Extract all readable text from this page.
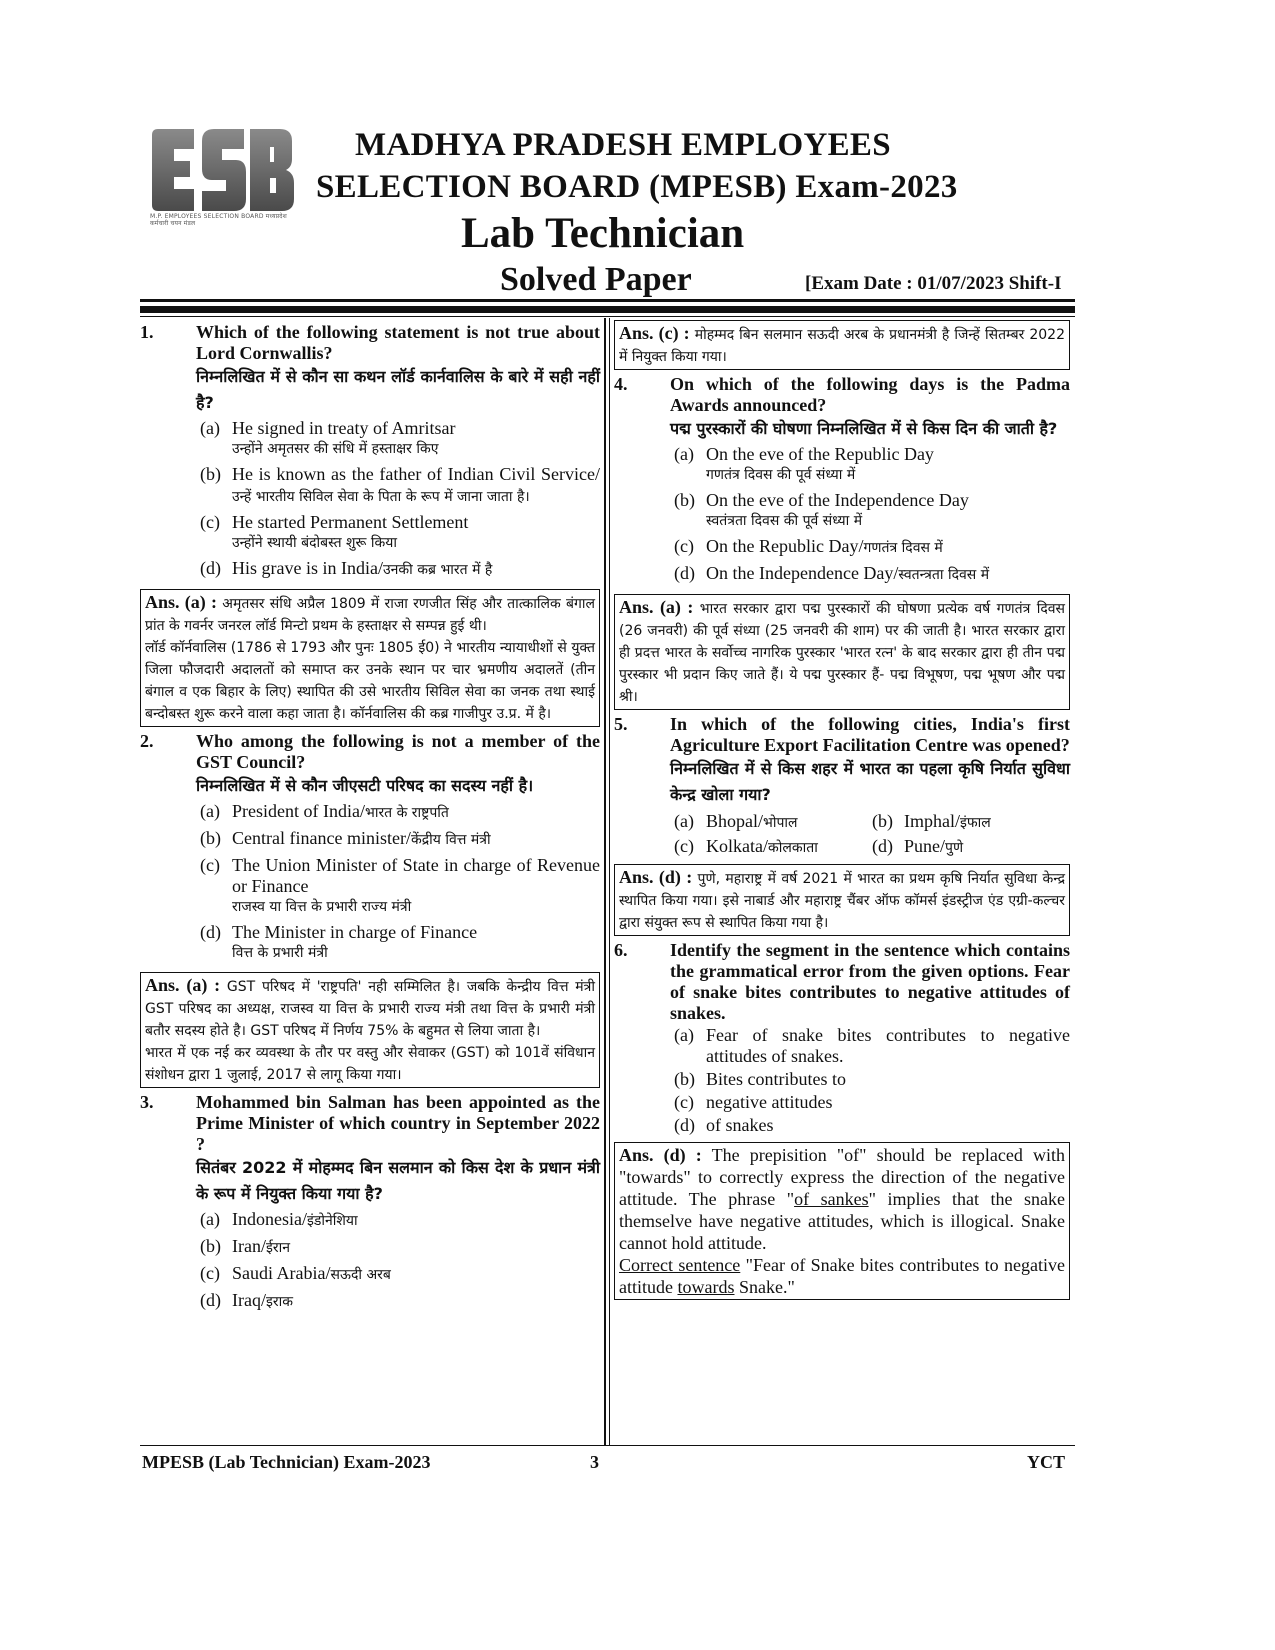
M.P. EMPLOYEES SELECTION BOARD मध्यप्रदेश कर्मचारी चयन मंडल
MADHYA PRADESH EMPLOYEES
SELECTION BOARD (MPESB) Exam-2023
Lab Technician
Solved Paper	[Exam Date : 01/07/2023 Shift-I
1.	Which of the following statement is not true about Lord Cornwallis?
निम्नलिखित में से कौन सा कथन लॉर्ड कार्नवालिस के बारे में सही नहीं है?
(a) He signed in treaty of Amritsar
उन्होंने अमृतसर की संधि में हस्ताक्षर किए
(b) He is known as the father of Indian Civil Service/उन्हें भारतीय सिविल सेवा के पिता के रूप में जाना जाता है।
(c) He started Permanent Settlement
उन्होंने स्थायी बंदोबस्त शुरू किया
(d) His grave is in India/उनकी कब्र भारत में है

Ans. (a) : अमृतसर संधि अप्रैल 1809 में राजा रणजीत सिंह और तात्कालिक बंगाल प्रांत के गवर्नर जनरल लॉर्ड मिन्टो प्रथम के हस्ताक्षर से सम्पन्न हुई थी।

लॉर्ड कॉर्नवालिस (1786 से 1793 और पुनः 1805 ई0) ने भारतीय न्यायाधीशों से युक्त जिला फौजदारी अदालतों को समाप्त कर उनके स्थान पर चार भ्रमणीय अदालतें (तीन बंगाल व एक बिहार के लिए) स्थापित की उसे भारतीय सिविल सेवा का जनक तथा स्थाई बन्दोबस्त शुरू करने वाला कहा जाता है। कॉर्नवालिस की कब्र गाजीपुर उ.प्र. में है।

2.	Who among the following is not a member of the GST Council?
निम्नलिखित में से कौन जीएसटी परिषद का सदस्य नहीं है।
(a) President of India/भारत के राष्ट्रपति
(b) Central finance minister/केंद्रीय वित्त मंत्री
(c) The Union Minister of State in charge of Revenue or Finance
राजस्व या वित्त के प्रभारी राज्य मंत्री
(d) The Minister in charge of Finance
वित्त के प्रभारी मंत्री

Ans. (a) : GST परिषद में 'राष्ट्रपति' नही सम्मिलित है। जबकि केन्द्रीय वित्त मंत्री GST परिषद का अध्यक्ष, राजस्व या वित्त के प्रभारी राज्य मंत्री तथा वित्त के प्रभारी मंत्री बतौर सदस्य होते है। GST परिषद में निर्णय 75% के बहुमत से लिया जाता है।

भारत में एक नई कर व्यवस्था के तौर पर वस्तु और सेवाकर (GST) को 101वें संविधान संशोधन द्वारा 1 जुलाई, 2017 से लागू किया गया।

3.	Mohammed bin Salman has been appointed as the Prime Minister of which country in September 2022 ?
सितंबर 2022 में मोहम्मद बिन सलमान को किस देश के प्रधान मंत्री के रूप में नियुक्त किया गया है?
(a) Indonesia/इंडोनेशिया
(b) Iran/ईरान
(c) Saudi Arabia/सऊदी अरब
(d) Iraq/इराक

Ans. (c) : मोहम्मद बिन सलमान सऊदी अरब के प्रधानमंत्री है जिन्हें सितम्बर 2022 में नियुक्त किया गया।

4.	On which of the following days is the Padma Awards announced?
पद्म पुरस्कारों की घोषणा निम्नलिखित में से किस दिन की जाती है?
(a) On the eve of the Republic Day
गणतंत्र दिवस की पूर्व संध्या में
(b) On the eve of the Independence Day
स्वतंत्रता दिवस की पूर्व संध्या में
(c) On the Republic Day/गणतंत्र दिवस में
(d) On the Independence Day/स्वतन्त्रता दिवस में

Ans. (a) : भारत सरकार द्वारा पद्म पुरस्कारों की घोषणा प्रत्येक वर्ष गणतंत्र दिवस (26 जनवरी) की पूर्व संध्या (25 जनवरी की शाम) पर की जाती है। भारत सरकार द्वारा ही प्रदत्त भारत के सर्वोच्च नागरिक पुरस्कार 'भारत रत्न' के बाद सरकार द्वारा ही तीन पद्म पुरस्कार भी प्रदान किए जाते हैं। ये पद्म पुरस्कार हैं- पद्म विभूषण, पद्म भूषण और पद्म श्री।

5.	In which of the following cities, India's first Agriculture Export Facilitation Centre was opened?
निम्नलिखित में से किस शहर में भारत का पहला कृषि निर्यात सुविधा केन्द्र खोला गया?
(a) Bhopal/भोपाल	(b) Imphal/इंफाल
(c) Kolkata/कोलकाता	(d) Pune/पुणे

Ans. (d) : पुणे, महाराष्ट्र में वर्ष 2021 में भारत का प्रथम कृषि निर्यात सुविधा केन्द्र स्थापित किया गया। इसे नाबार्ड और महाराष्ट्र चैंबर ऑफ कॉमर्स इंडस्ट्रीज एंड एग्री-कल्चर द्वारा संयुक्त रूप से स्थापित किया गया है।

6.	Identify the segment in the sentence which contains the grammatical error from the given options. Fear of snake bites contributes to negative attitudes of snakes.
(a) Fear of snake bites contributes to negative attitudes of snakes.
(b) Bites contributes to
(c) negative attitudes
(d) of snakes

Ans. (d) : The prepisition "of" should be replaced with "towards" to correctly express the direction of the negative attitude. The phrase "of sankes" implies that the snake themselve have negative attitudes, which is illogical. Snake cannot hold attitude.

Correct sentence "Fear of Snake bites contributes to negative attitude towards Snake."

MPESB (Lab Technician) Exam-2023	3	YCT
